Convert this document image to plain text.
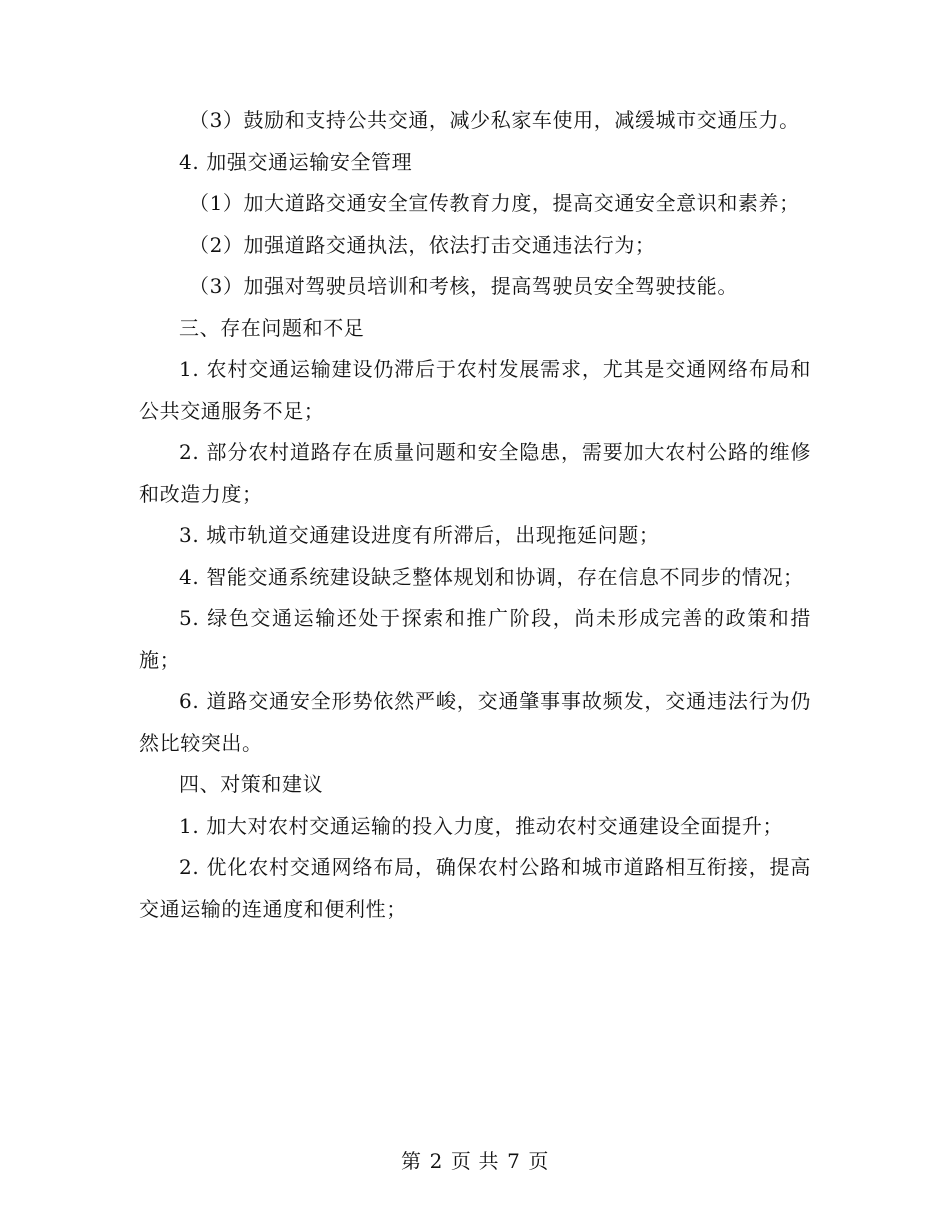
（3）鼓励和支持公共交通，减少私家车使用，减缓城市交通压力。

4. 加强交通运输安全管理

（1）加大道路交通安全宣传教育力度，提高交通安全意识和素养；

（2）加强道路交通执法，依法打击交通违法行为；

（3）加强对驾驶员培训和考核，提高驾驶员安全驾驶技能。

三、存在问题和不足

1. 农村交通运输建设仍滞后于农村发展需求，尤其是交通网络布局和公共交通服务不足；

2. 部分农村道路存在质量问题和安全隐患，需要加大农村公路的维修和改造力度；

3. 城市轨道交通建设进度有所滞后，出现拖延问题；

4. 智能交通系统建设缺乏整体规划和协调，存在信息不同步的情况；

5. 绿色交通运输还处于探索和推广阶段，尚未形成完善的政策和措施；

6. 道路交通安全形势依然严峻，交通肇事事故频发，交通违法行为仍然比较突出。

四、对策和建议

1. 加大对农村交通运输的投入力度，推动农村交通建设全面提升；

2. 优化农村交通网络布局，确保农村公路和城市道路相互衔接，提高交通运输的连通度和便利性；

第 2 页 共 7 页
